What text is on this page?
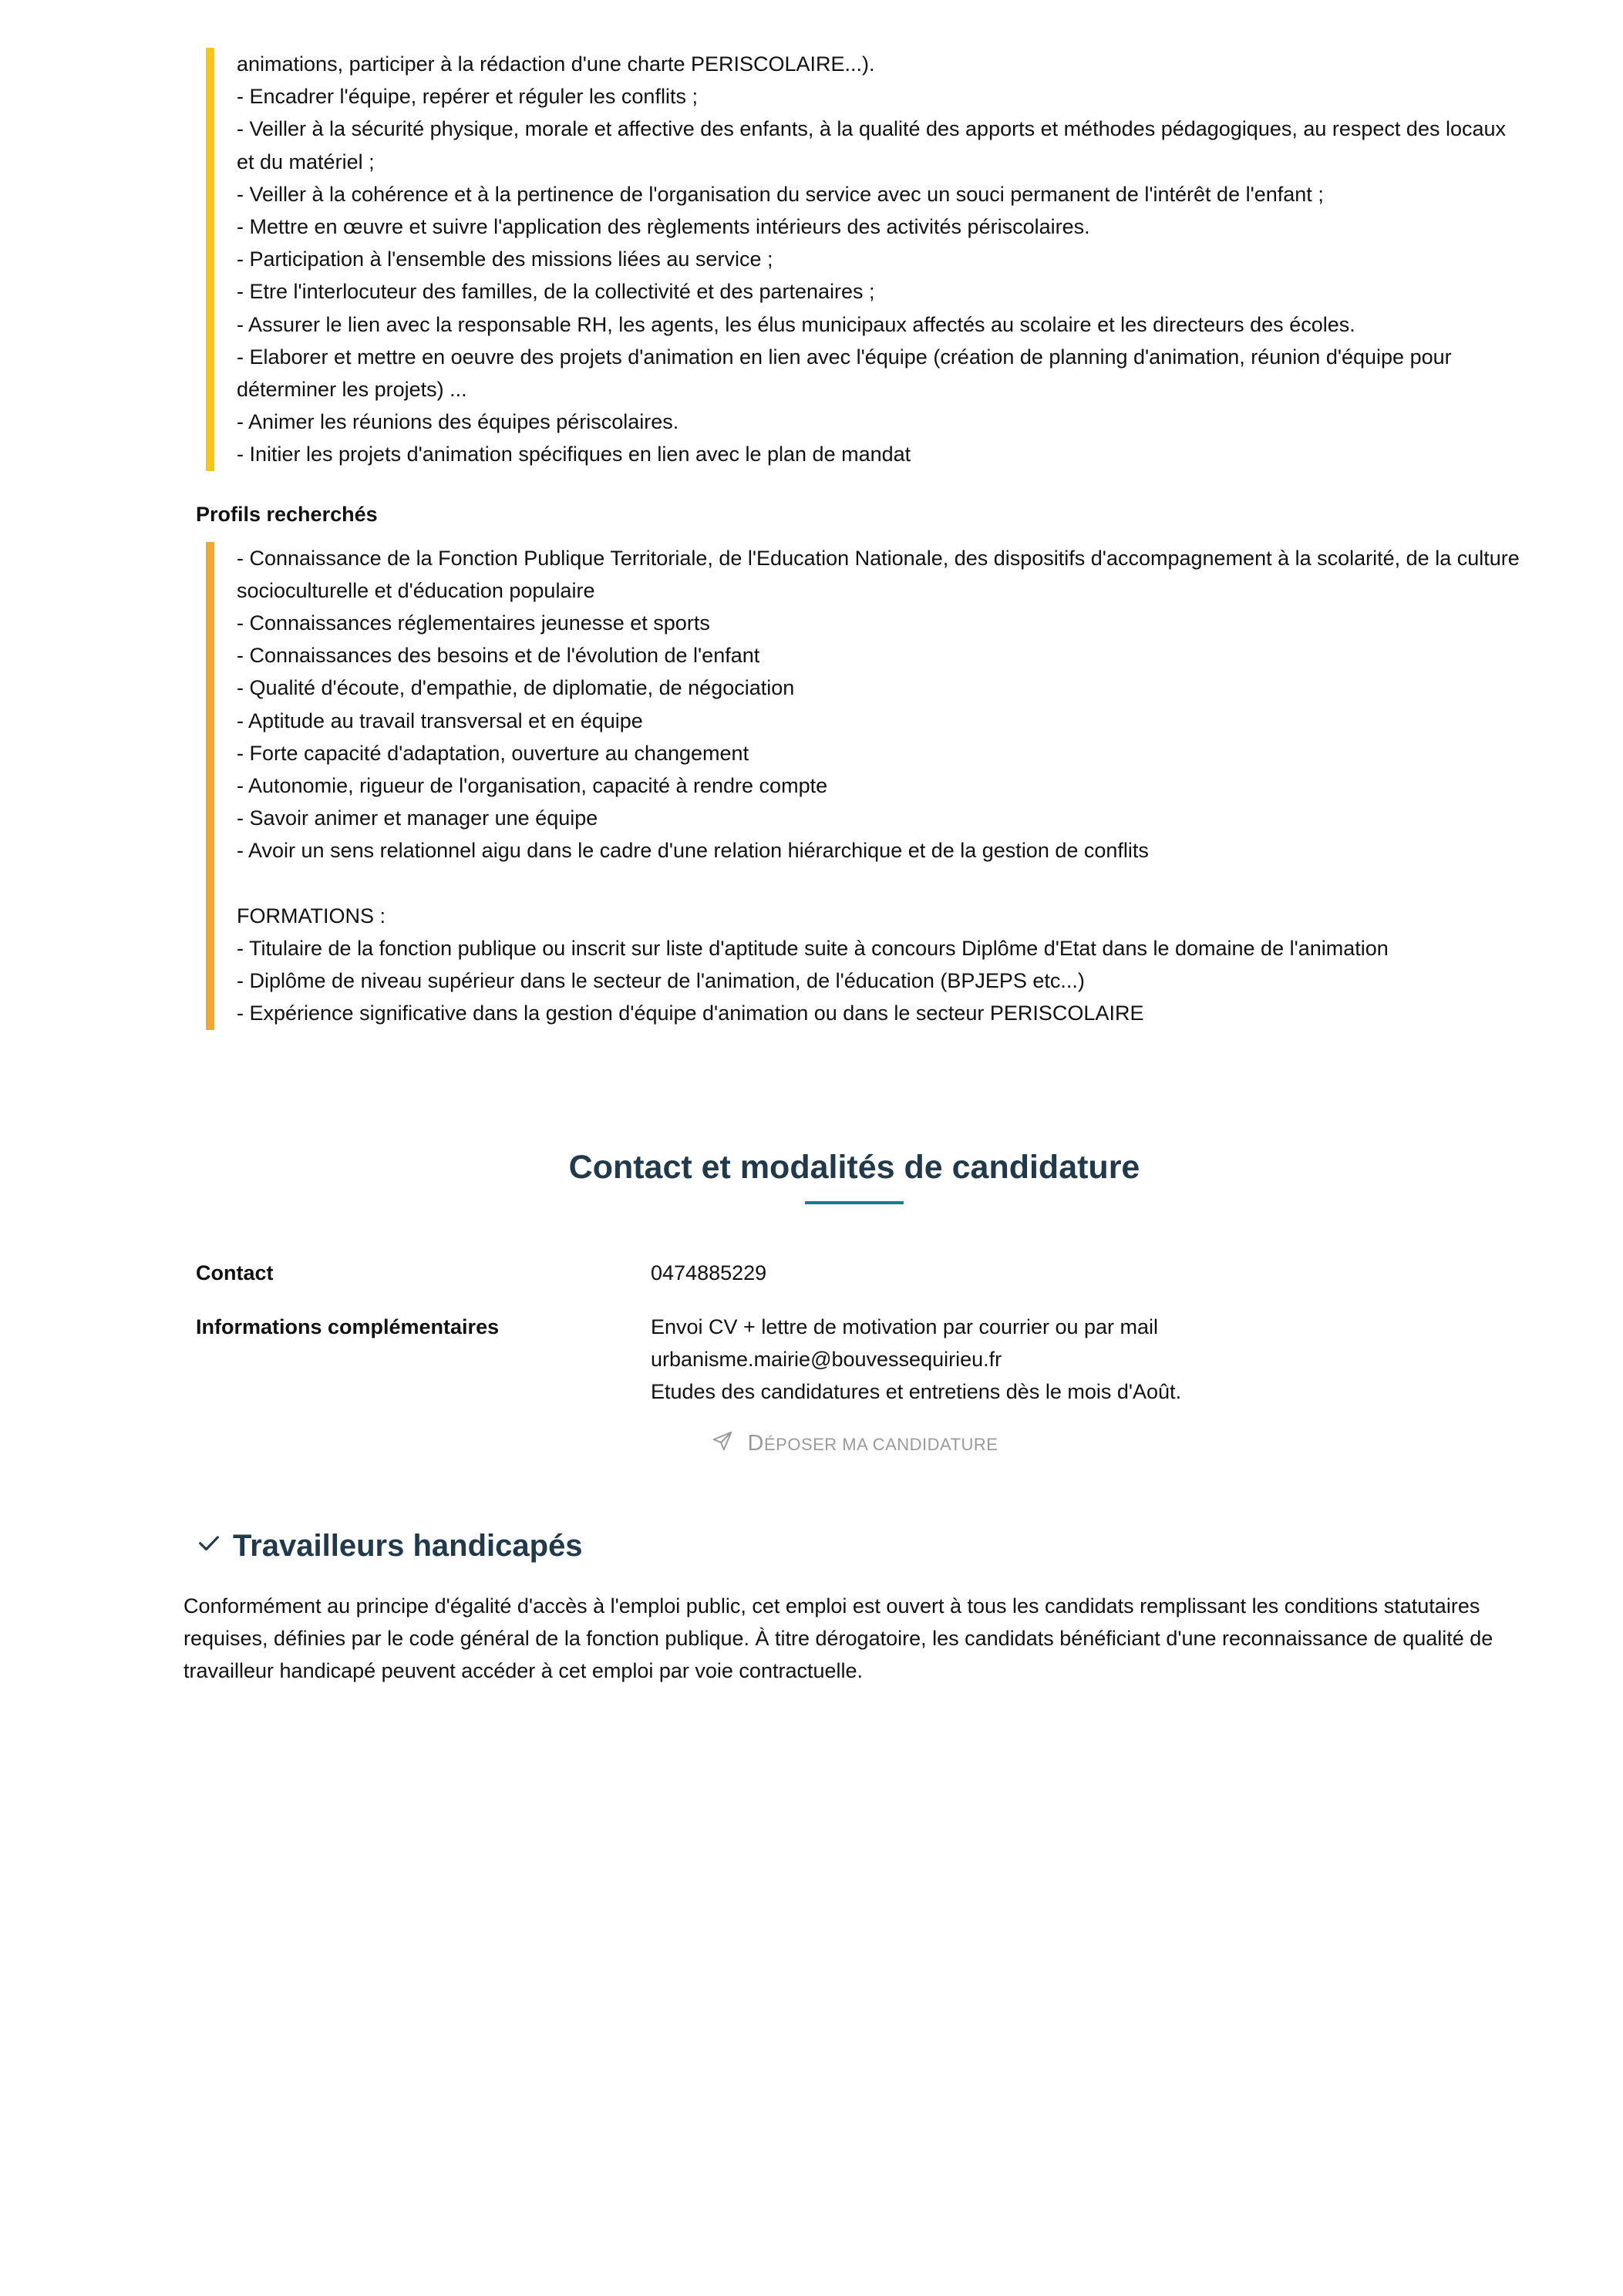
animations, participer à la rédaction d'une charte PERISCOLAIRE...).

- Encadrer l'équipe, repérer et réguler les conflits ;

- Veiller à la sécurité physique, morale et affective des enfants, à la qualité des apports et méthodes pédagogiques, au respect des locaux et du matériel ;

- Veiller à la cohérence et à la pertinence de l'organisation du service avec un souci permanent de l'intérêt de l'enfant ;

- Mettre en œuvre et suivre l'application des règlements intérieurs des activités périscolaires.

- Participation à l'ensemble des missions liées au service ;

- Etre l'interlocuteur des familles, de la collectivité et des partenaires ;

- Assurer le lien avec la responsable RH, les agents, les élus municipaux affectés au scolaire et les directeurs des écoles.

- Elaborer et mettre en oeuvre des projets d'animation en lien avec l'équipe (création de planning d'animation, réunion d'équipe pour déterminer les projets) ...

- Animer les réunions des équipes périscolaires.

- Initier les projets d'animation spécifiques en lien avec le plan de mandat

Profils recherchés

- Connaissance de la Fonction Publique Territoriale, de l'Education Nationale, des dispositifs d'accompagnement à la scolarité, de la culture socioculturelle et d'éducation populaire

- Connaissances réglementaires jeunesse et sports

- Connaissances des besoins et de l'évolution de l'enfant

- Qualité d'écoute, d'empathie, de diplomatie, de négociation

- Aptitude au travail transversal et en équipe

- Forte capacité d'adaptation, ouverture au changement

- Autonomie, rigueur de l'organisation, capacité à rendre compte

- Savoir animer et manager une équipe

- Avoir un sens relationnel aigu dans le cadre d'une relation hiérarchique et de la gestion de conflits

FORMATIONS :

- Titulaire de la fonction publique ou inscrit sur liste d'aptitude suite à concours Diplôme d'Etat dans le domaine de l'animation

- Diplôme de niveau supérieur dans le secteur de l'animation, de l'éducation (BPJEPS etc...)

- Expérience significative dans la gestion d'équipe d'animation ou dans le secteur PERISCOLAIRE

Contact et modalités de candidature
Contact	0474885229
Informations complémentaires	Envoi CV + lettre de motivation par courrier ou par mail

urbanisme.mairie@bouvessequirieu.fr

Etudes des candidatures et entretiens dès le mois d'Août.

DÉPOSER MA CANDIDATURE
Travailleurs handicapés

Conformément au principe d'égalité d'accès à l'emploi public, cet emploi est ouvert à tous les candidats remplissant les conditions statutaires requises, définies par le code général de la fonction publique. À titre dérogatoire, les candidats bénéficiant d'une reconnaissance de qualité de travailleur handicapé peuvent accéder à cet emploi par voie contractuelle.
